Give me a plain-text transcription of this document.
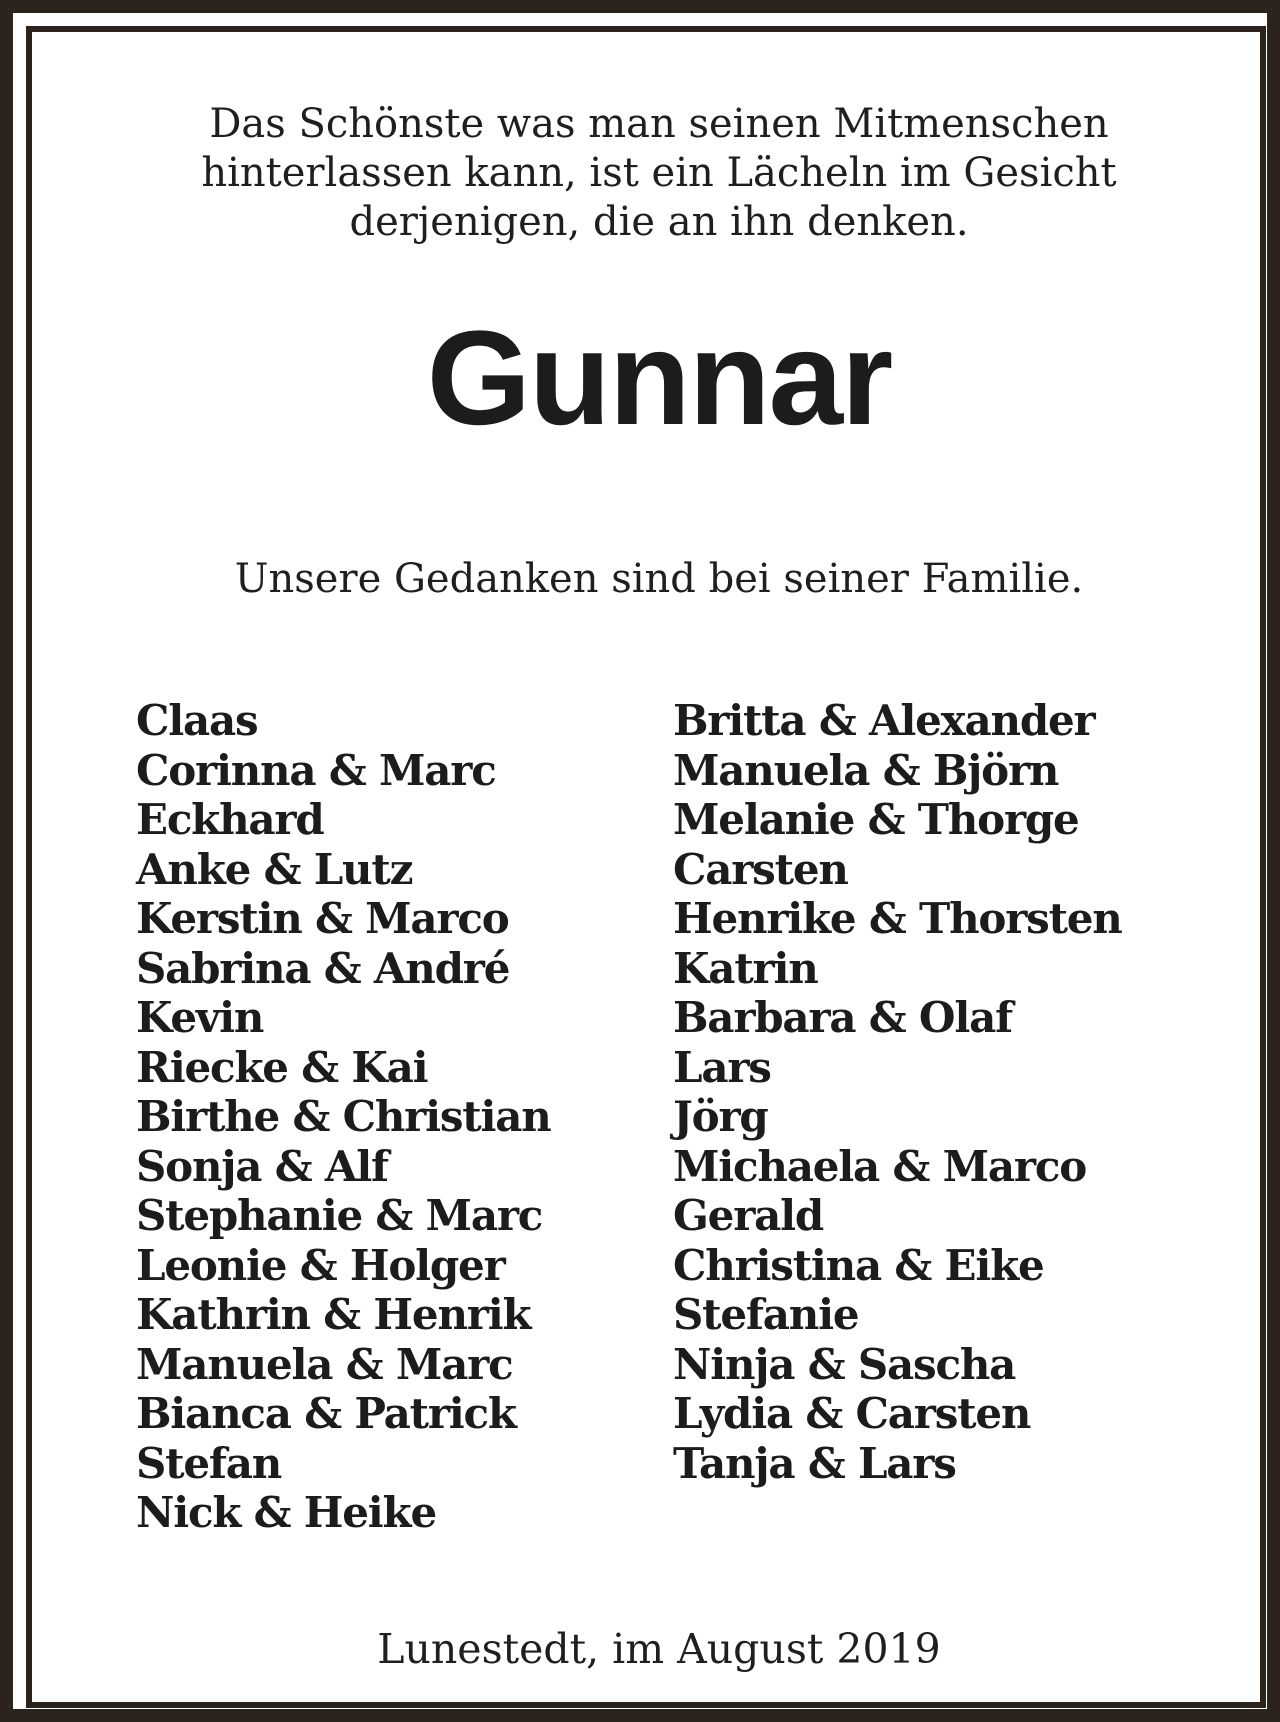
Das Schönste was man seinen Mitmenschen
hinterlassen kann, ist ein Lächeln im Gesicht
derjenigen, die an ihn denken.
Gunnar
Unsere Gedanken sind bei seiner Familie.
Claas
Corinna & Marc
Eckhard
Anke & Lutz
Kerstin & Marco
Sabrina & André
Kevin
Riecke & Kai
Birthe & Christian
Sonja & Alf
Stephanie & Marc
Leonie & Holger
Kathrin & Henrik
Manuela & Marc
Bianca & Patrick
Stefan
Nick & Heike
Britta & Alexander
Manuela & Björn
Melanie & Thorge
Carsten
Henrike & Thorsten
Katrin
Barbara & Olaf
Lars
Jörg
Michaela & Marco
Gerald
Christina & Eike
Stefanie
Ninja & Sascha
Lydia & Carsten
Tanja & Lars
Lunestedt, im August 2019
